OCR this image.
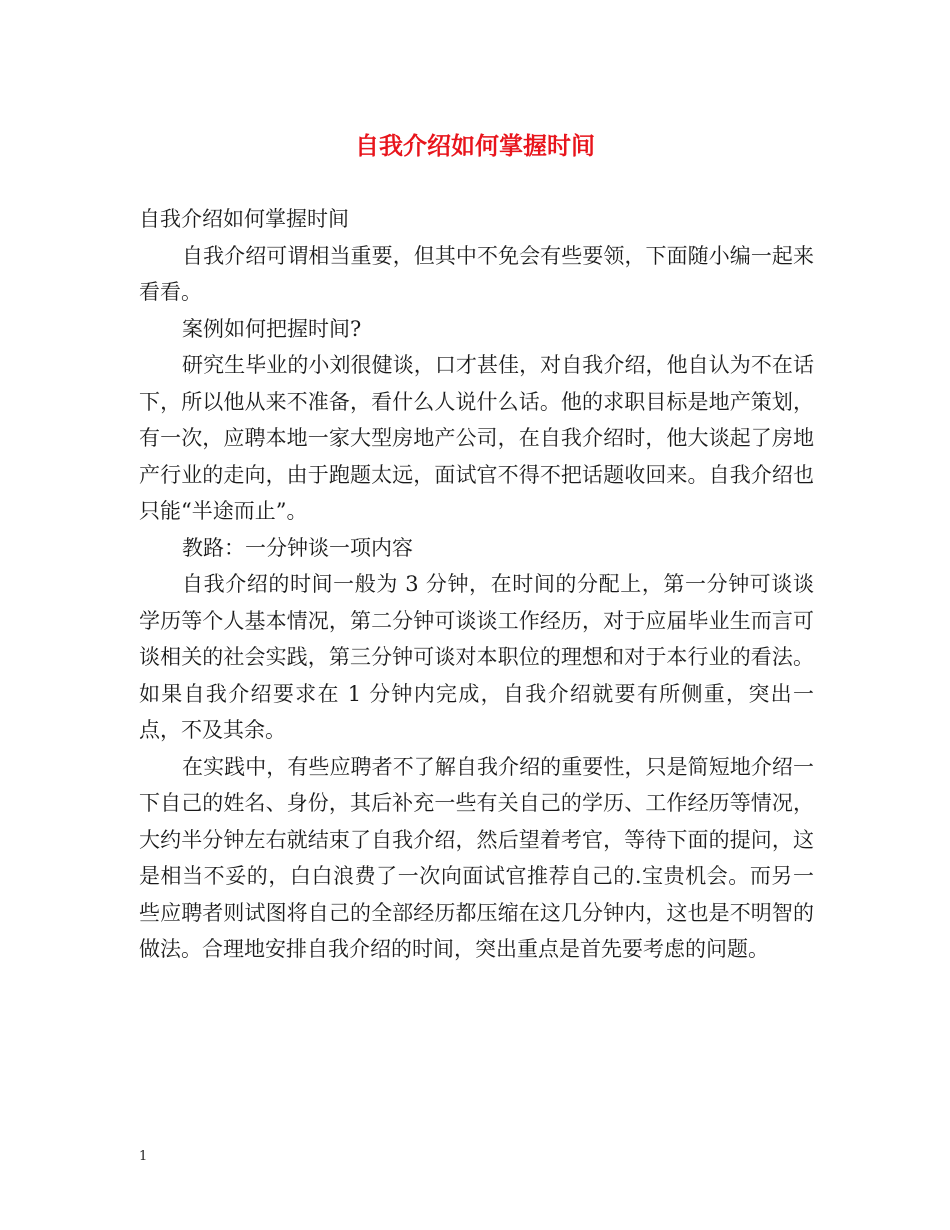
自我介绍如何掌握时间

自我介绍如何掌握时间

自我介绍可谓相当重要，但其中不免会有些要领，下面随小编一起来看看。

案例如何把握时间?

研究生毕业的小刘很健谈，口才甚佳，对自我介绍，他自认为不在话下，所以他从来不准备，看什么人说什么话。他的求职目标是地产策划，有一次，应聘本地一家大型房地产公司，在自我介绍时，他大谈起了房地产行业的走向，由于跑题太远，面试官不得不把话题收回来。自我介绍也只能“半途而止”。

教路：一分钟谈一项内容

自我介绍的时间一般为 3 分钟，在时间的分配上，第一分钟可谈谈学历等个人基本情况，第二分钟可谈谈工作经历，对于应届毕业生而言可谈相关的社会实践，第三分钟可谈对本职位的理想和对于本行业的看法。如果自我介绍要求在 1 分钟内完成，自我介绍就要有所侧重，突出一点，不及其余。

在实践中，有些应聘者不了解自我介绍的重要性，只是简短地介绍一下自己的姓名、身份，其后补充一些有关自己的学历、工作经历等情况，大约半分钟左右就结束了自我介绍，然后望着考官，等待下面的提问，这是相当不妥的，白白浪费了一次向面试官推荐自己的.宝贵机会。而另一些应聘者则试图将自己的全部经历都压缩在这几分钟内，这也是不明智的做法。合理地安排自我介绍的时间，突出重点是首先要考虑的问题。

1
